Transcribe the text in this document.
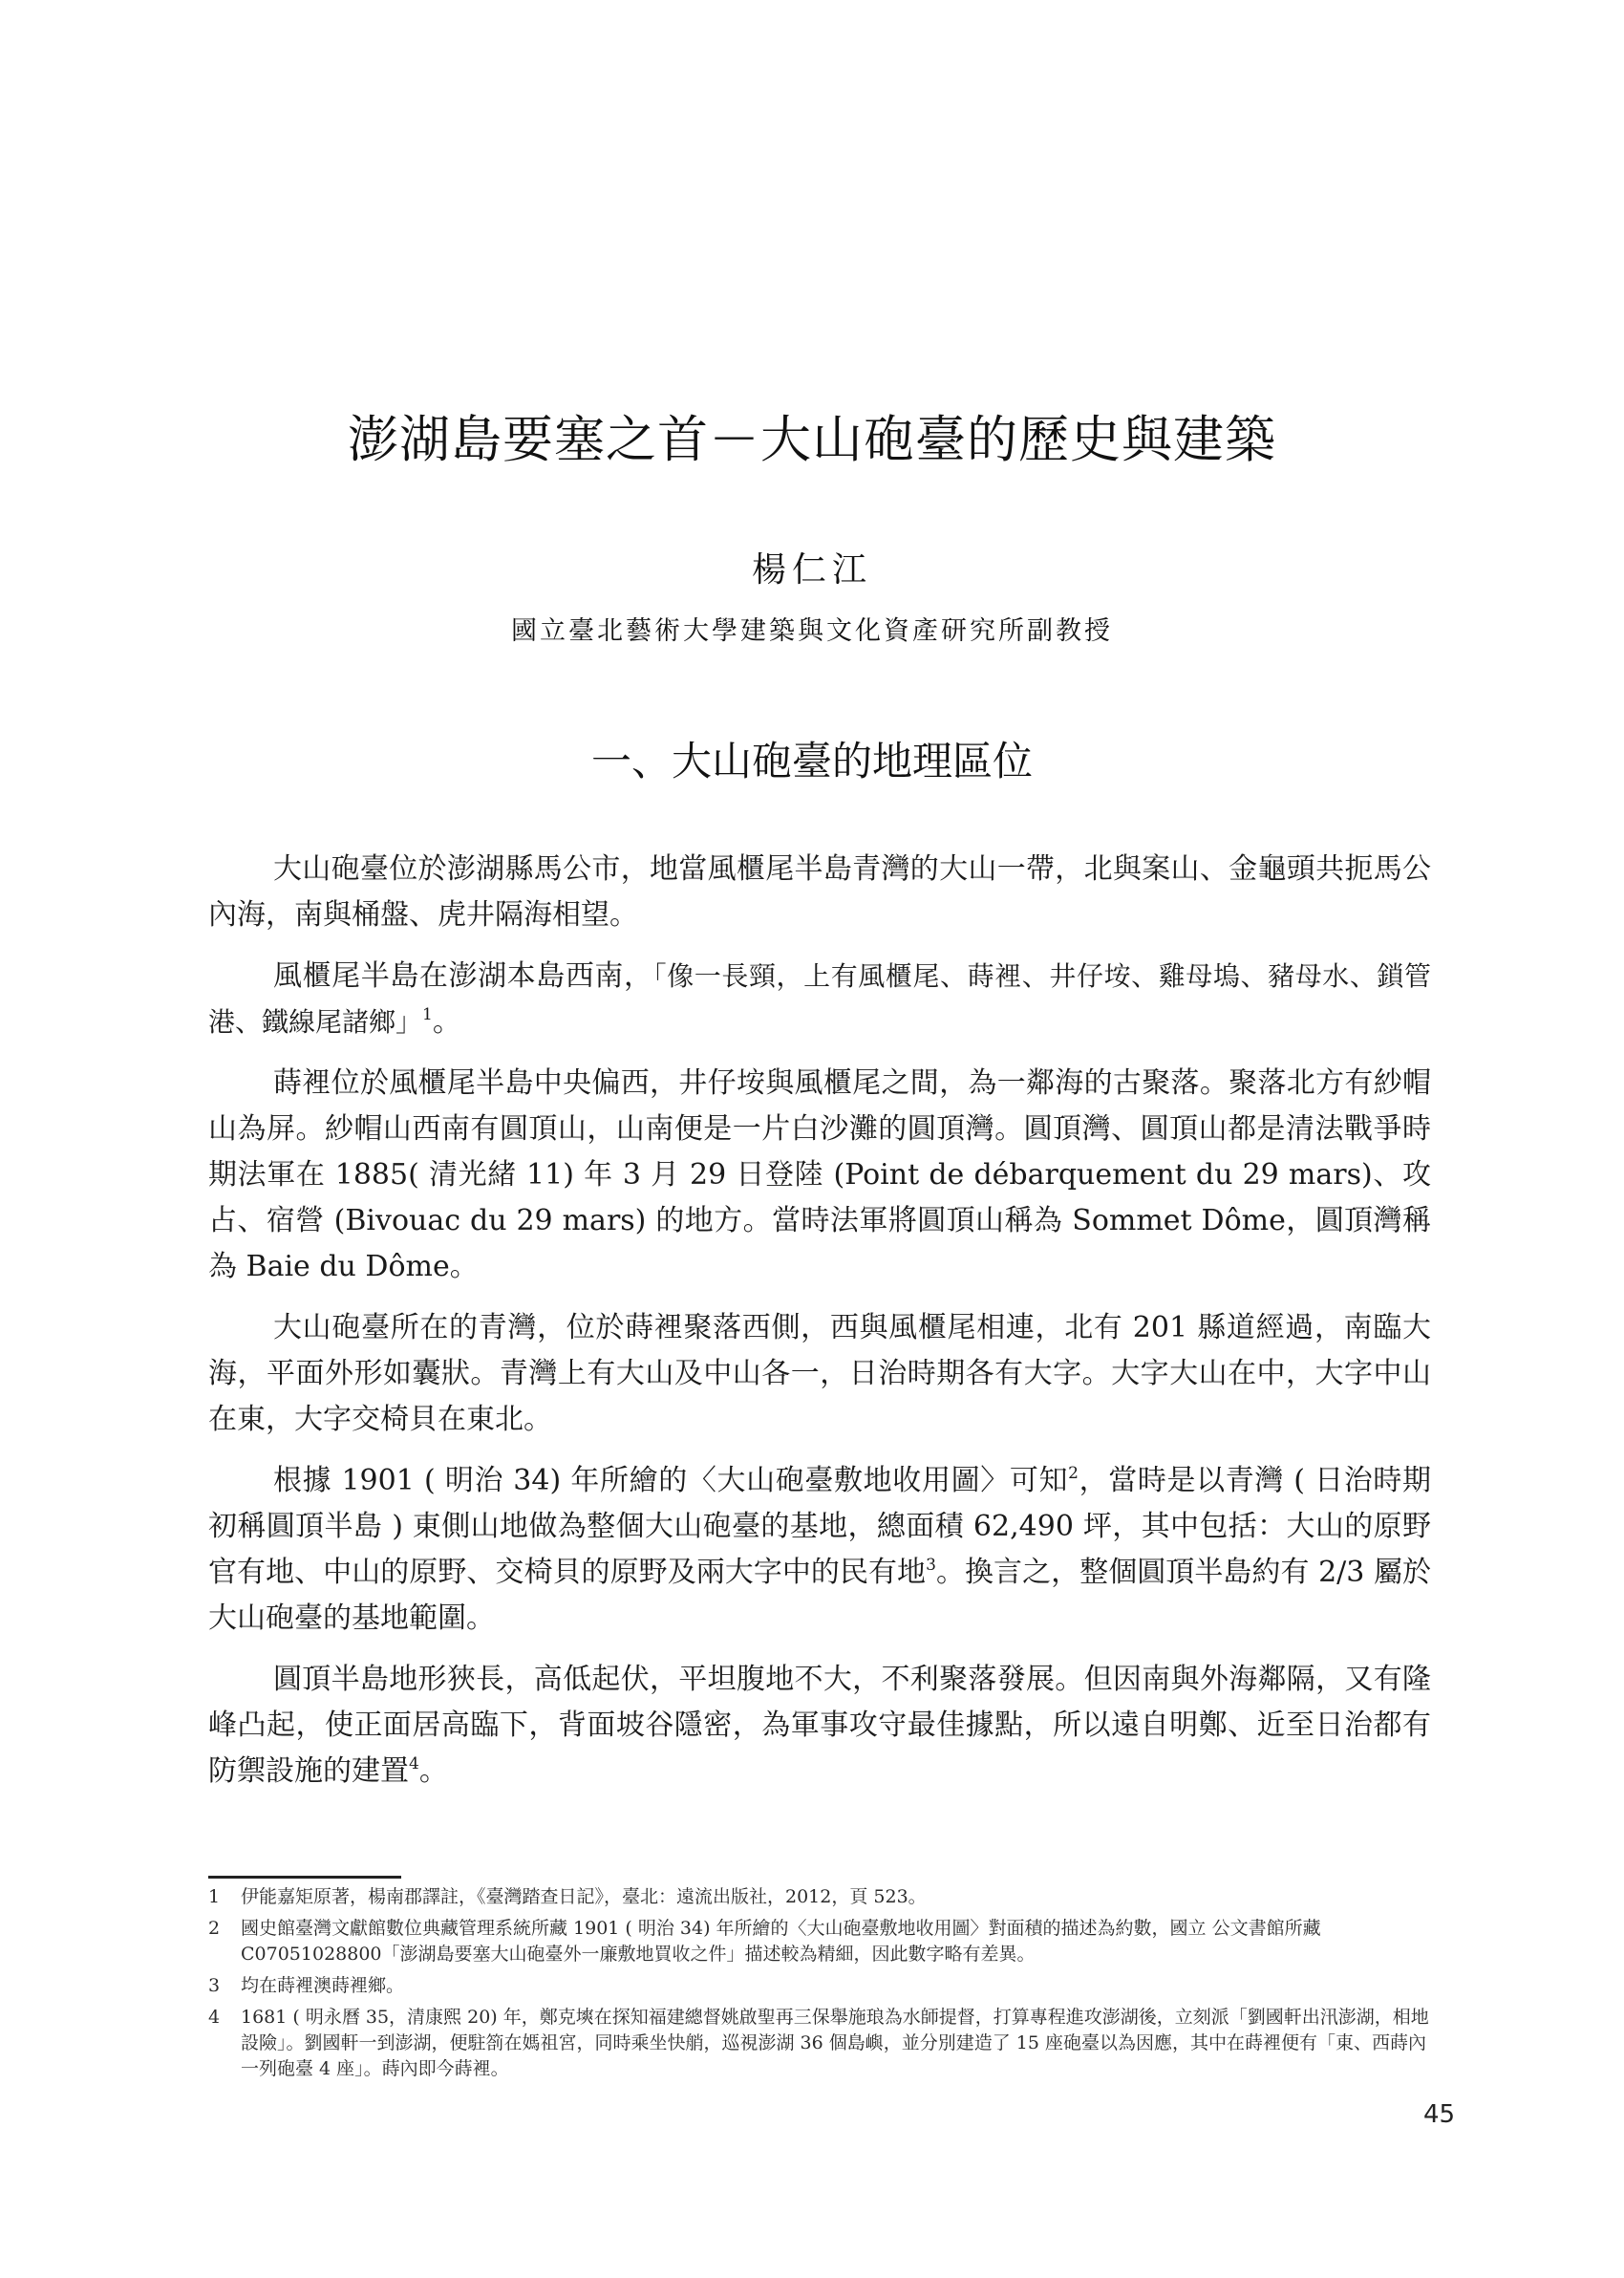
澎湖島要塞之首－大山砲臺的歷史與建築
楊仁江
國立臺北藝術大學建築與文化資產研究所副教授
一、大山砲臺的地理區位

大山砲臺位於澎湖縣馬公市，地當風櫃尾半島青灣的大山一帶，北與案山、金龜頭共扼馬公內海，南與桶盤、虎井隔海相望。

風櫃尾半島在澎湖本島西南，「像一長頸，上有風櫃尾、蒔裡、井仔垵、雞母塢、豬母水、鎖管港、鐵線尾諸鄉」$^1$。

蒔裡位於風櫃尾半島中央偏西，井仔垵與風櫃尾之間，為一鄰海的古聚落。聚落北方有紗帽山為屏。紗帽山西南有圓頂山，山南便是一片白沙灘的圓頂灣。圓頂灣、圓頂山都是清法戰爭時期法軍在 1885( 清光緒 11) 年 3 月 29 日登陸 (Point de débarquement du 29 mars)、攻占、宿營 (Bivouac du 29 mars) 的地方。當時法軍將圓頂山稱為 Sommet Dôme，圓頂灣稱為 Baie du Dôme。

大山砲臺所在的青灣，位於蒔裡聚落西側，西與風櫃尾相連，北有 201 縣道經過，南臨大海，平面外形如囊狀。青灣上有大山及中山各一，日治時期各有大字。大字大山在中，大字中山在東，大字交椅貝在東北。

根據 1901 ( 明治 34) 年所繪的〈大山砲臺敷地收用圖〉可知$^2$，當時是以青灣 ( 日治時期初稱圓頂半島 ) 東側山地做為整個大山砲臺的基地，總面積 62,490 坪，其中包括：大山的原野官有地、中山的原野、交椅貝的原野及兩大字中的民有地$^3$。換言之，整個圓頂半島約有 2/3 屬於大山砲臺的基地範圍。

圓頂半島地形狹長，高低起伏，平坦腹地不大，不利聚落發展。但因南與外海鄰隔，又有隆峰凸起，使正面居高臨下，背面坡谷隱密，為軍事攻守最佳據點，所以遠自明鄭、近至日治都有防禦設施的建置$^4$。

1	伊能嘉矩原著，楊南郡譯註，《臺灣踏查日記》，臺北：遠流出版社，2012，頁 523。
2	國史館臺灣文獻館數位典藏管理系統所藏 1901 ( 明治 34) 年所繪的〈大山砲臺敷地收用圖〉對面積的描述為約數，國立 公文書館所藏 C07051028800「澎湖島要塞大山砲臺外一廉敷地買收之件」描述較為精細，因此數字略有差異。
3	均在蒔裡澳蒔裡鄉。
4	1681 ( 明永曆 35，清康熙 20) 年，鄭克塽在探知福建總督姚啟聖再三保舉施琅為水師提督，打算專程進攻澎湖後，立刻派「劉國軒出汛澎湖，相地設險」。劉國軒一到澎湖，便駐箚在媽祖宮，同時乘坐快艄，巡視澎湖 36 個島嶼，並分別建造了 15 座砲臺以為因應，其中在蒔裡便有「東、西蒔內一列砲臺 4 座」。蒔內即今蒔裡。
45
